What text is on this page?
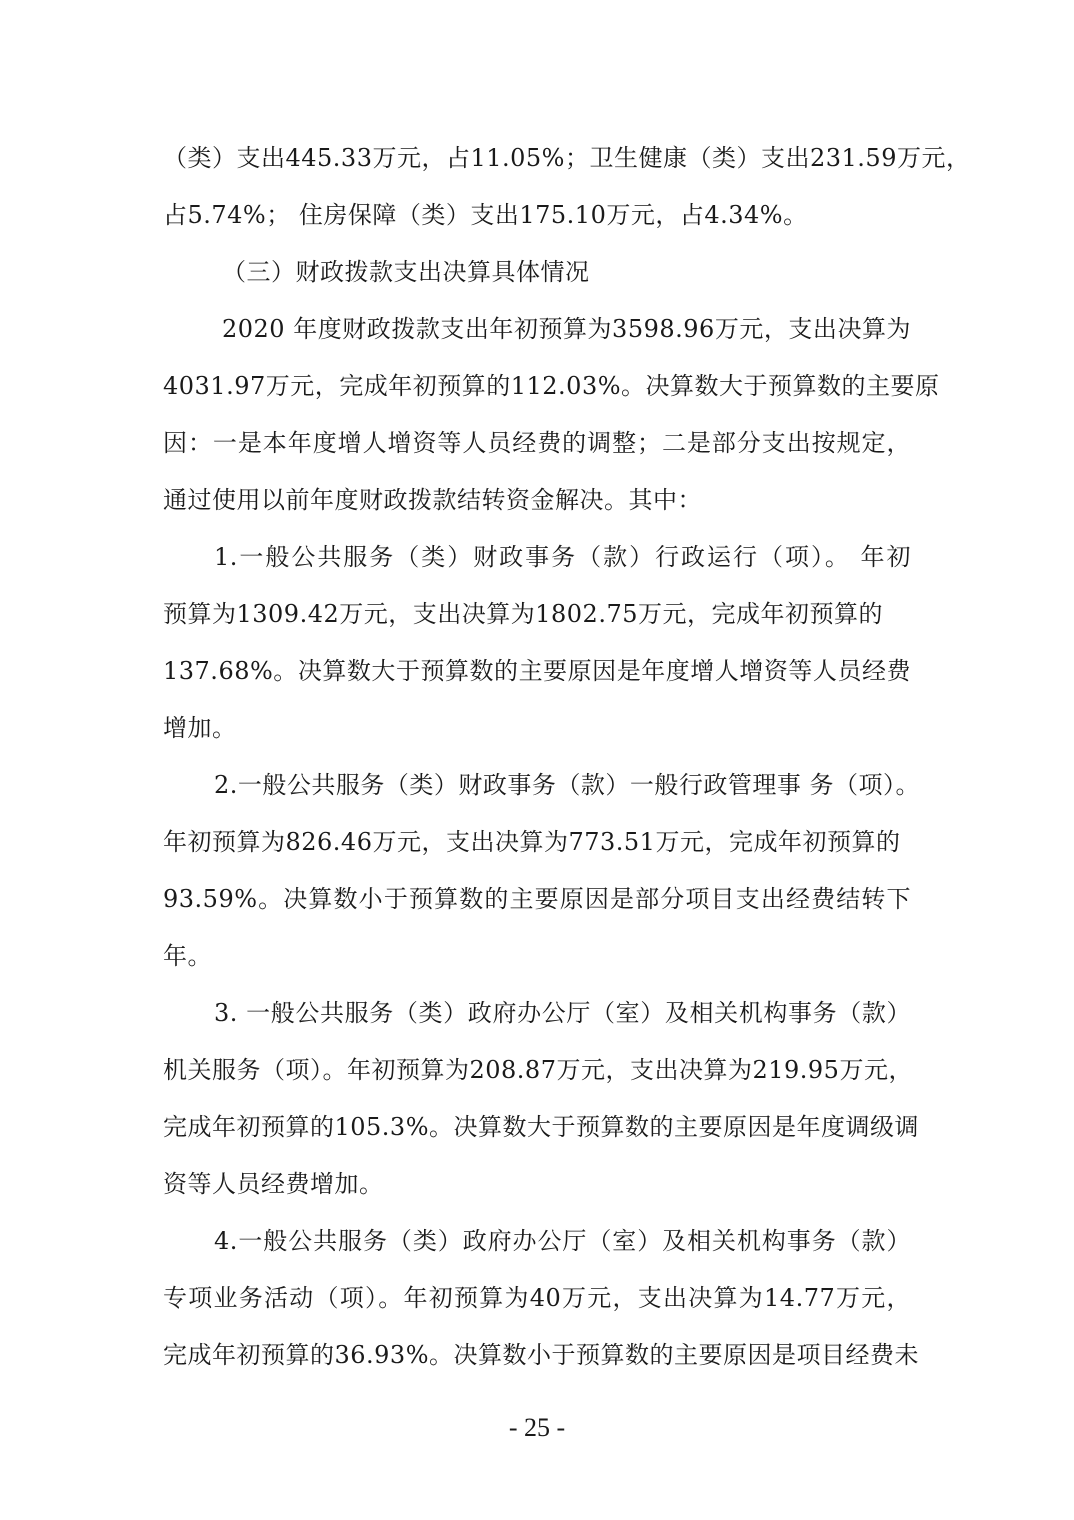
（类）支出445.33万元，占11.05%；卫生健康（类）支出231.59万元，
占5.74%； 住房保障（类）支出175.10万元，占4.34%。
（三）财政拨款支出决算具体情况
2020 年度财政拨款支出年初预算为3598.96万元，支出决算为
4031.97万元，完成年初预算的112.03%。决算数大于预算数的主要原
因：一是本年度增人增资等人员经费的调整；二是部分支出按规定，
通过使用以前年度财政拨款结转资金解决。其中：
1.一般公共服务（类）财政事务（款）行政运行（项）。 年初
预算为1309.42万元，支出决算为1802.75万元，完成年初预算的
137.68%。决算数大于预算数的主要原因是年度增人增资等人员经费
增加。
2.一般公共服务（类）财政事务（款）一般行政管理事 务（项）。
年初预算为826.46万元，支出决算为773.51万元，完成年初预算的
93.59%。决算数小于预算数的主要原因是部分项目支出经费结转下
年。
3. 一般公共服务（类）政府办公厅（室）及相关机构事务（款）
机关服务（项）。年初预算为208.87万元，支出决算为219.95万元，
完成年初预算的105.3%。决算数大于预算数的主要原因是年度调级调
资等人员经费增加。
4.一般公共服务（类）政府办公厅（室）及相关机构事务（款）
专项业务活动（项）。年初预算为40万元，支出决算为14.77万元，
完成年初预算的36.93%。决算数小于预算数的主要原因是项目经费未
- 25 -
